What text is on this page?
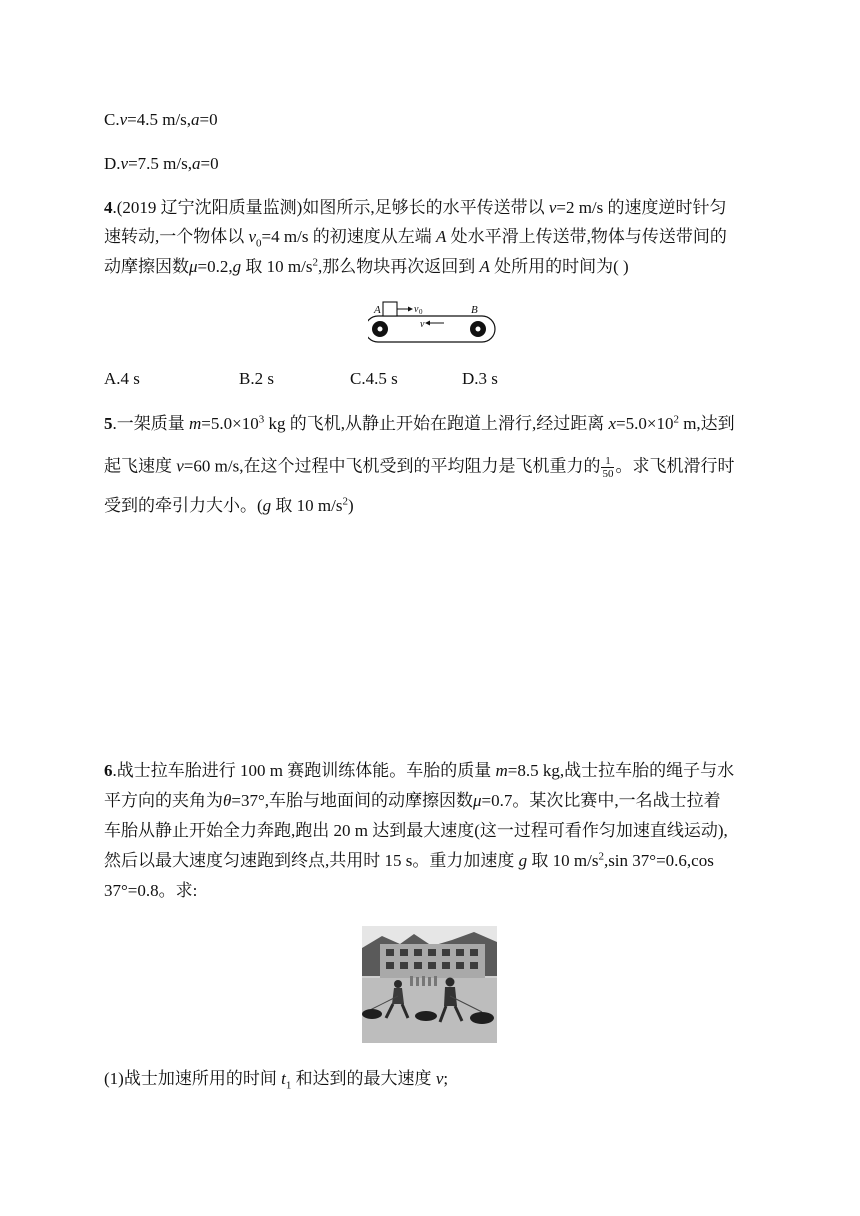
C.v=4.5 m/s,a=0
D.v=7.5 m/s,a=0
4.(2019 辽宁沈阳质量监测)如图所示,足够长的水平传送带以 v=2 m/s 的速度逆时针匀
速转动,一个物体以 $v_0=4$ m/s 的初速度从左端 A 处水平滑上传送带,物体与传送带间的
动摩擦因数μ=0.2,g 取 10 $m/s^2$,那么物块再次返回到 A 处所用的时间为( )
A	B
v 0
v
A.4 s	B.2 s	C.4.5 s	D.3 s
5.一架质量 $m=5.0\times 10^3$ kg 的飞机,从静止开始在跑道上滑行,经过距离 $x=5.0\times 10^2$ m,达到
起飞速度 v=60 m/s,在这个过程中飞机受到的平均阻力是飞机重力的 $\frac{1}{50}$ 。求飞机滑行时
受到的牵引力大小。(g 取 10 $m/s^2$)
6.战士拉车胎进行 100 m 赛跑训练体能。车胎的质量 m=8.5 kg,战士拉车胎的绳子与水
平方向的夹角为θ=37°,车胎与地面间的动摩擦因数μ=0.7。某次比赛中,一名战士拉着
车胎从静止开始全力奔跑,跑出 20 m 达到最大速度(这一过程可看作匀加速直线运动),
然后以最大速度匀速跑到终点,共用时 15 s。重力加速度 g 取 10 $m/s^2,\sin$ 37°=0.6,cos
37°=0.8。求:
(1)战士加速所用的时间 $t_1$ 和达到的最大速度 v;
